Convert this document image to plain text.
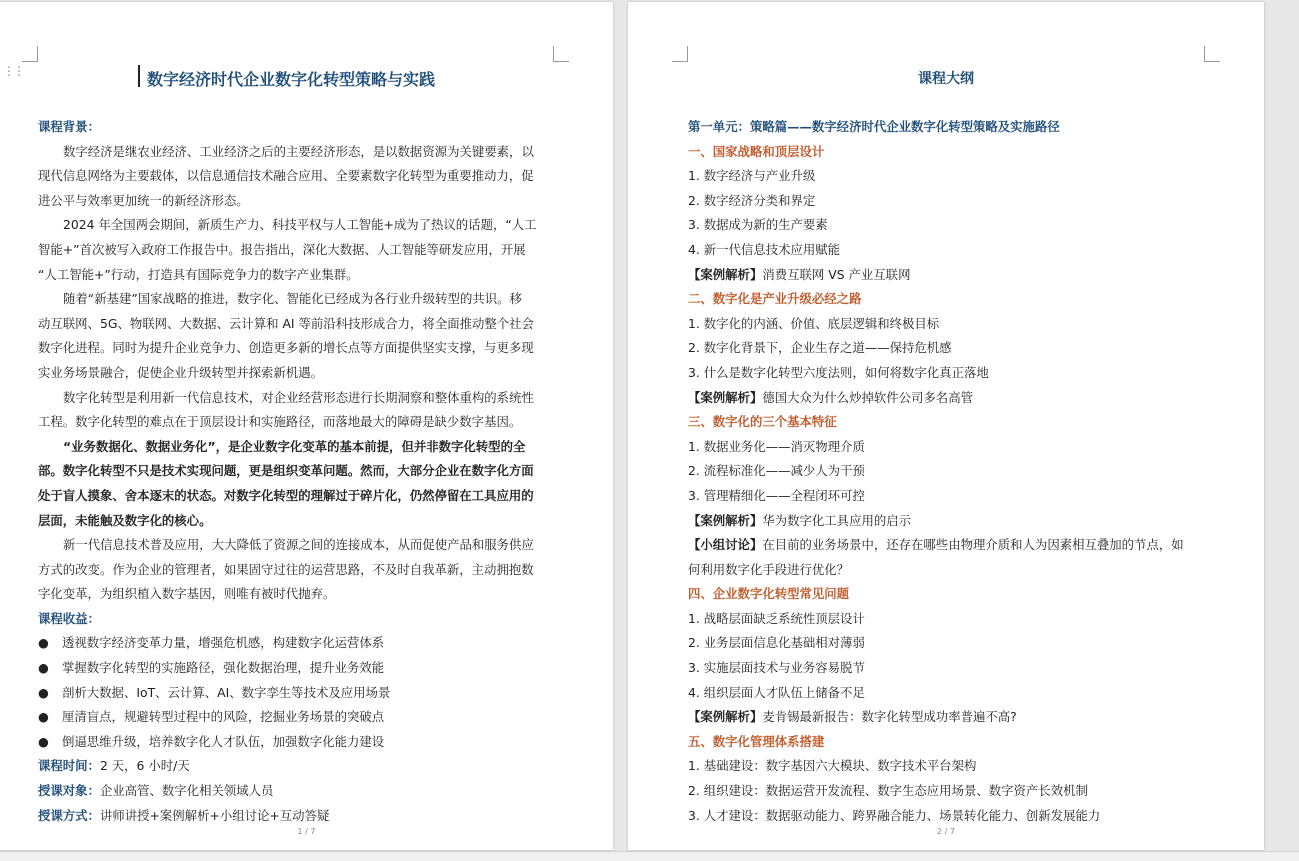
⋮⋮	数字经济时代企业数字化转型策略与实践
课程背景：
数字经济是继农业经济、工业经济之后的主要经济形态，是以数据资源为关键要素，以
现代信息网络为主要载体，以信息通信技术融合应用、全要素数字化转型为重要推动力，促
进公平与效率更加统一的新经济形态。
2024 年全国两会期间，新质生产力、科技平权与人工智能+成为了热议的话题，“人工
智能+”首次被写入政府工作报告中。报告指出，深化大数据、人工智能等研发应用，开展
“人工智能+”行动，打造具有国际竞争力的数字产业集群。
随着“新基建”国家战略的推进，数字化、智能化已经成为各行业升级转型的共识。移
动互联网、5G、物联网、大数据、云计算和 AI 等前沿科技形成合力，将全面推动整个社会
数字化进程。同时为提升企业竞争力、创造更多新的增长点等方面提供坚实支撑，与更多现
实业务场景融合，促使企业升级转型并探索新机遇。
数字化转型是利用新一代信息技术，对企业经营形态进行长期洞察和整体重构的系统性
工程。数字化转型的难点在于顶层设计和实施路径，而落地最大的障碍是缺少数字基因。
“业务数据化、数据业务化”，是企业数字化变革的基本前提，但并非数字化转型的全
部。数字化转型不只是技术实现问题，更是组织变革问题。然而，大部分企业在数字化方面
处于盲人摸象、舍本逐末的状态。对数字化转型的理解过于碎片化，仍然停留在工具应用的
层面，未能触及数字化的核心。
新一代信息技术普及应用，大大降低了资源之间的连接成本，从而促使产品和服务供应
方式的改变。作为企业的管理者，如果固守过往的运营思路，不及时自我革新，主动拥抱数
字化变革，为组织植入数字基因，则唯有被时代抛弃。
课程收益：
●	透视数字经济变革力量，增强危机感，构建数字化运营体系
●	掌握数字化转型的实施路径，强化数据治理，提升业务效能
●	剖析大数据、IoT、云计算、AI、数字孪生等技术及应用场景
●	厘清盲点，规避转型过程中的风险，挖掘业务场景的突破点
●	倒逼思维升级，培养数字化人才队伍，加强数字化能力建设
课程时间：2 天，6 小时/天
授课对象：企业高管、数字化相关领域人员
授课方式：讲师讲授+案例解析+小组讨论+互动答疑
1 / 7
课程大纲
第一单元：策略篇——数字经济时代企业数字化转型策略及实施路径
一、国家战略和顶层设计
1. 数字经济与产业升级
2. 数字经济分类和界定
3. 数据成为新的生产要素
4. 新一代信息技术应用赋能
【案例解析】消费互联网 VS 产业互联网
二、数字化是产业升级必经之路
1. 数字化的内涵、价值、底层逻辑和终极目标
2. 数字化背景下，企业生存之道——保持危机感
3. 什么是数字化转型六度法则，如何将数字化真正落地
【案例解析】德国大众为什么炒掉软件公司多名高管
三、数字化的三个基本特征
1. 数据业务化——消灭物理介质
2. 流程标准化——减少人为干预
3. 管理精细化——全程闭环可控
【案例解析】华为数字化工具应用的启示
【小组讨论】在目前的业务场景中，还存在哪些由物理介质和人为因素相互叠加的节点，如
何利用数字化手段进行优化？
四、企业数字化转型常见问题
1. 战略层面缺乏系统性顶层设计
2. 业务层面信息化基础相对薄弱
3. 实施层面技术与业务容易脱节
4. 组织层面人才队伍上储备不足
【案例解析】麦肯锡最新报告：数字化转型成功率普遍不高?
五、数字化管理体系搭建
1. 基础建设：数字基因六大模块、数字技术平台架构
2. 组织建设：数据运营开发流程、数字生态应用场景、数字资产长效机制
3. 人才建设：数据驱动能力、跨界融合能力、场景转化能力、创新发展能力
2 / 7
